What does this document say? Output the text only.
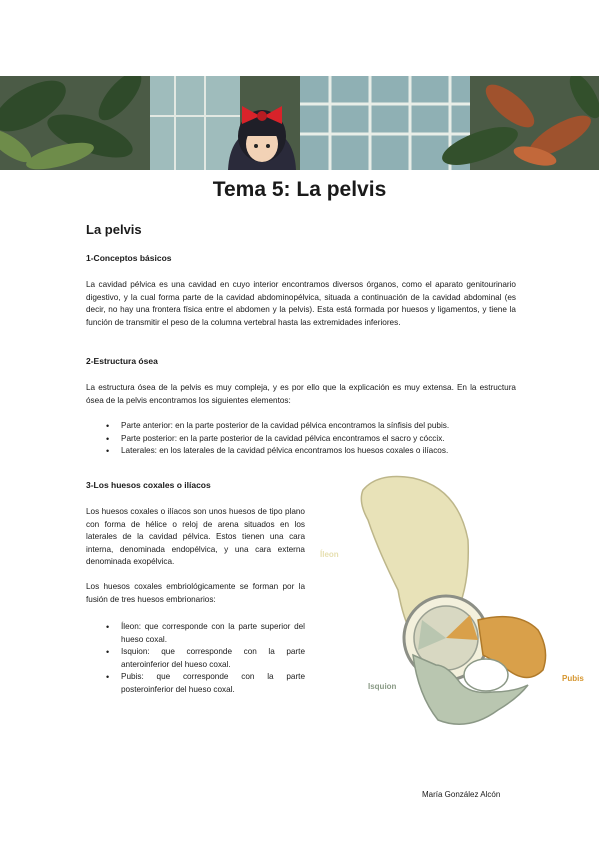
Tema 5: La pelvis
La pelvis
1-Conceptos básicos
La cavidad pélvica es una cavidad en cuyo interior encontramos diversos órganos, como el aparato genitourinario digestivo, y la cual forma parte de la cavidad abdominopélvica, situada a continuación de la cavidad abdominal (es decir, no hay una frontera física entre el abdomen y la pelvis). Esta está formada por huesos y ligamentos, y tiene la función de transmitir el peso de la columna vertebral hasta las extremidades inferiores.
2-Estructura ósea
La estructura ósea de la pelvis es muy compleja, y es por ello que la explicación es muy extensa. En la estructura ósea de la pelvis encontramos los siguientes elementos:
• Parte anterior: en la parte posterior de la cavidad pélvica encontramos la sínfisis del pubis.
• Parte posterior: en la parte posterior de la cavidad pélvica encontramos el sacro y cóccix.
• Laterales: en los laterales de la cavidad pélvica encontramos los huesos coxales o ilíacos.
3-Los huesos coxales o ilíacos
Los huesos coxales o ilíacos son unos huesos de tipo plano con forma de hélice o reloj de arena situados en los laterales de la cavidad pélvica. Estos tienen una cara interna, denominada endopélvica, y una cara externa denominada exopélvica.
Los huesos coxales embriológicamente se forman por la fusión de tres huesos embrionarios:
• Íleon: que corresponde con la parte superior del hueso coxal.
• Isquion: que corresponde con la parte anteroinferior del hueso coxal.
• Pubis: que corresponde con la parte posteroinferior del hueso coxal.
Íleon
Isquion
Pubis
María González Alcón
